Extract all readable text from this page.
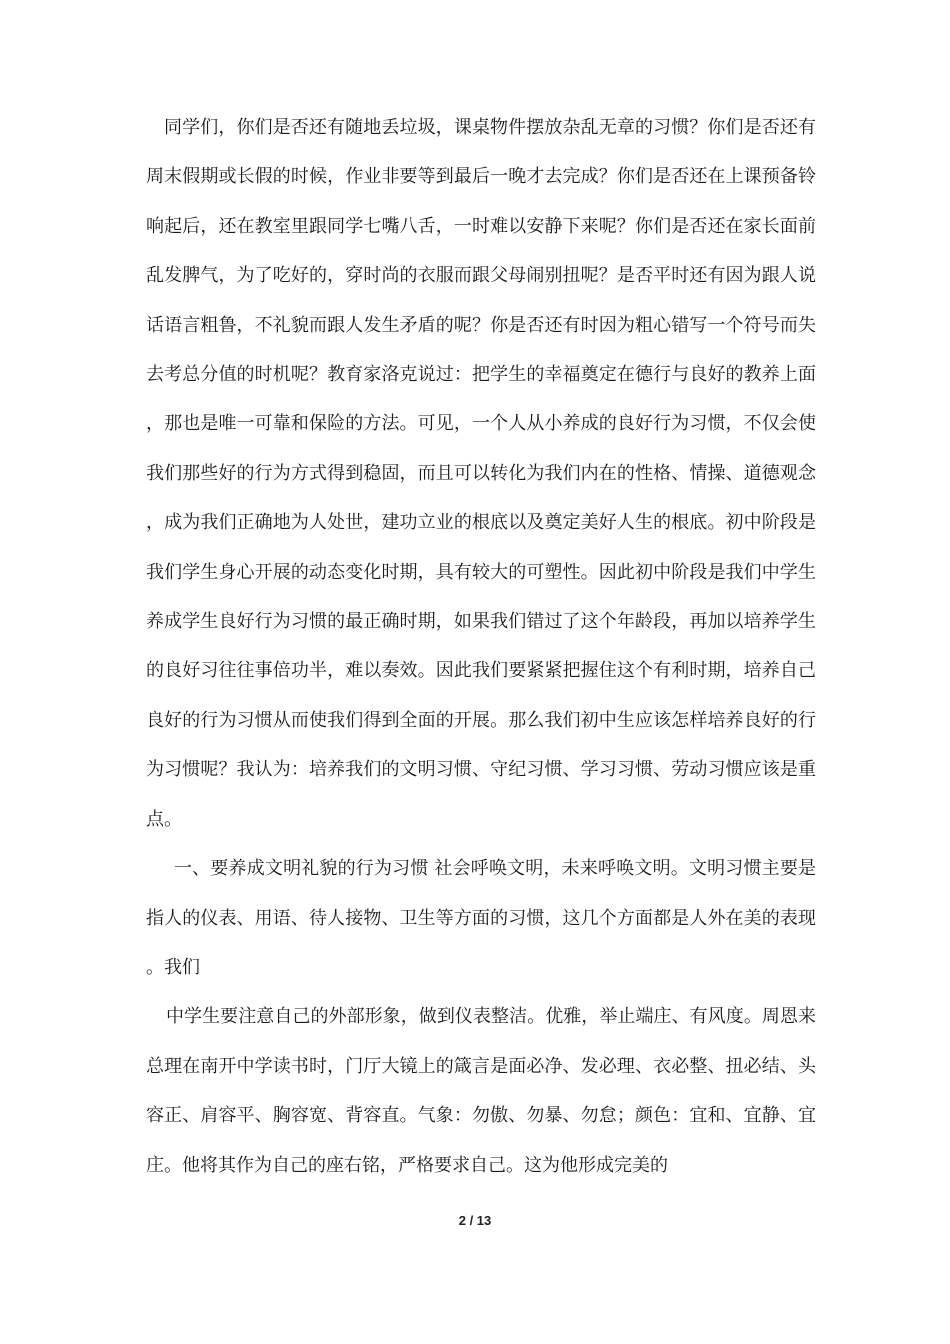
同学们，你们是否还有随地丢垃圾，课桌物件摆放杂乱无章的习惯？你们是否还有周末假期或长假的时候，作业非要等到最后一晚才去完成？你们是否还在上课预备铃响起后，还在教室里跟同学七嘴八舌，一时难以安静下来呢？你们是否还在家长面前乱发脾气，为了吃好的，穿时尚的衣服而跟父母闹别扭呢？是否平时还有因为跟人说话语言粗鲁，不礼貌而跟人发生矛盾的呢？你是否还有时因为粗心错写一个符号而失去考总分值的时机呢？教育家洛克说过：把学生的幸福奠定在德行与良好的教养上面，那也是唯一可靠和保险的方法。可见，一个人从小养成的良好行为习惯，不仅会使我们那些好的行为方式得到稳固，而且可以转化为我们内在的性格、情操、道德观念，成为我们正确地为人处世，建功立业的根底以及奠定美好人生的根底。初中阶段是我们学生身心开展的动态变化时期，具有较大的可塑性。因此初中阶段是我们中学生养成学生良好行为习惯的最正确时期，如果我们错过了这个年龄段，再加以培养学生的良好习往往事倍功半，难以奏效。因此我们要紧紧把握住这个有利时期，培养自己良好的行为习惯从而使我们得到全面的开展。那么我们初中生应该怎样培养良好的行为习惯呢？我认为：培养我们的文明习惯、守纪习惯、学习习惯、劳动习惯应该是重点。

一、要养成文明礼貌的行为习惯 社会呼唤文明，未来呼唤文明。文明习惯主要是指人的仪表、用语、待人接物、卫生等方面的习惯，这几个方面都是人外在美的表现。我们

中学生要注意自己的外部形象，做到仪表整洁。优雅，举止端庄、有风度。周恩来总理在南开中学读书时，门厅大镜上的箴言是面必净、发必理、衣必整、扭必结、头容正、肩容平、胸容宽、背容直。气象：勿傲、勿暴、勿怠；颜色：宜和、宜静、宜庄。他将其作为自己的座右铭，严格要求自己。这为他形成完美的

2 / 13
